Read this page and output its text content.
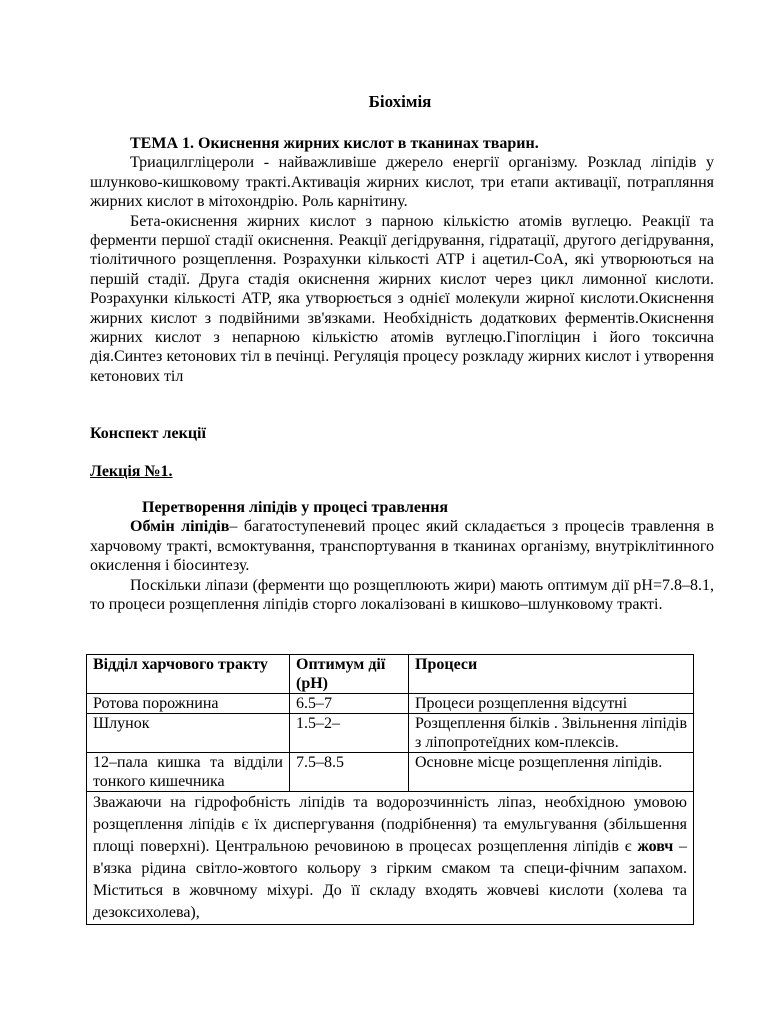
Біохімія

ТЕМА 1. Окиснення жирних кислот в тканинах тварин.

Триацилгліцероли - найважливіше джерело енергії організму. Розклад ліпідів у шлунково-кишковому тракті.Активація жирних кислот, три етапи активації, потрапляння жирних кислот в мітохондрію. Роль карнітину.

Бета-окиснення жирних кислот з парною кількістю атомів вуглецю. Реакції та ферменти першої стадії окиснення. Реакції дегідрування, гідратації, другого дегідрування, тіолітичного розщеплення. Розрахунки кількості АТР і ацетил-СоА, які утворюються на першій стадії. Друга стадія окиснення жирних кислот через цикл лимонної кислоти. Розрахунки кількості АТР, яка утворюється з однієї молекули жирної кислоти.Окиснення жирних кислот з подвійними зв'язками. Необхідність додаткових ферментів.Окиснення жирних кислот з непарною кількістю атомів вуглецю.Гіпогліцин і його токсична дія.Синтез кетонових тіл в печінці. Регуляція процесу розкладу жирних кислот і утворення кетонових тіл

Конспект лекції
Лекція №1.

Перетворення ліпідів у процесі травлення

Обмін ліпідів– багатоступеневий процес який складається з процесів травлення в харчовому тракті, всмоктування, транспортування в тканинах організму, внутріклітинного окислення і біосинтезу.

Поскільки ліпази (ферменти що розщеплюють жири) мають оптимум дії pH=7.8–8.1, то процеси розщеплення ліпідів сторго локалізовані в кишково–шлунковому тракті.

Відділ харчового тракту	Оптимум дії (pH)	Процеси
Ротова порожнина	6.5–7	Процеси розщеплення відсутні
Шлунок	1.5–2–	Розщеплення білків . Звільнення ліпідів з ліпопротеїдних ком-плексів.
12–пала кишка та відділи тонкого кишечника	7.5–8.5	Основне місце розщеплення ліпідів.
Зважаючи на гідрофобність ліпідів та водорозчинність ліпаз, необхідною умовою розщеплення ліпідів є їх диспергування (подрібнення) та емульгування (збільшення площі поверхні). Центральною речовиною в процесах розщеплення ліпідів є жовч – в'язка рідина світло-жовтого кольору з гірким смаком та специ-фічним запахом. Міститься в жовчному міхурі. До її складу входять жовчеві кислоти (холева та дезоксихолева),		
